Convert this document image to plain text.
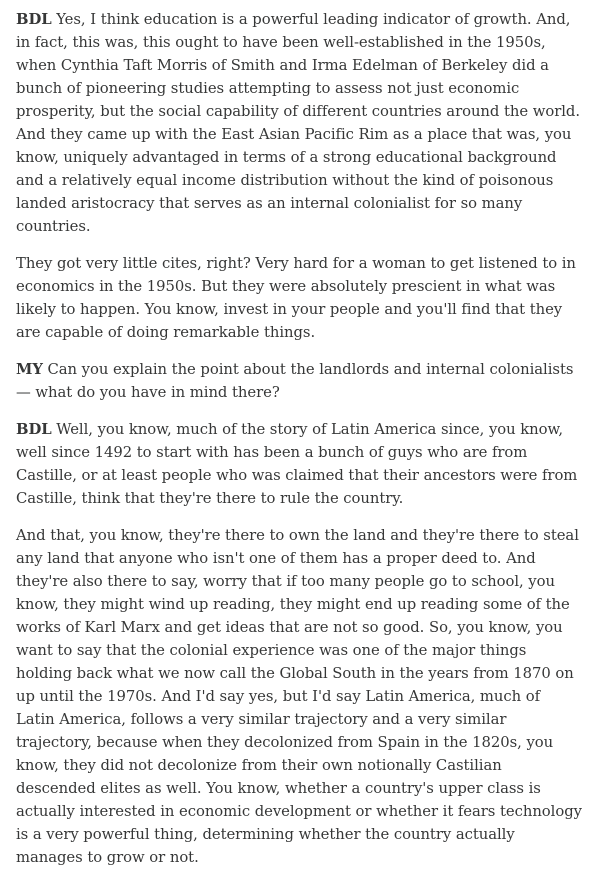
BDL Yes, I think education is a powerful leading indicator of growth. And, in fact, this was, this ought to have been well-established in the 1950s, when Cynthia Taft Morris of Smith and Irma Edelman of Berkeley did a bunch of pioneering studies attempting to assess not just economic prosperity, but the social capability of different countries around the world. And they came up with the East Asian Pacific Rim as a place that was, you know, uniquely advantaged in terms of a strong educational background and a relatively equal income distribution without the kind of poisonous landed aristocracy that serves as an internal colonialist for so many countries.

They got very little cites, right? Very hard for a woman to get listened to in economics in the 1950s. But they were absolutely prescient in what was likely to happen. You know, invest in your people and you'll find that they are capable of doing remarkable things.

MY Can you explain the point about the landlords and internal colonialists — what do you have in mind there?

BDL Well, you know, much of the story of Latin America since, you know, well since 1492 to start with has been a bunch of guys who are from Castille, or at least people who was claimed that their ancestors were from Castille, think that they're there to rule the country.

And that, you know, they're there to own the land and they're there to steal any land that anyone who isn't one of them has a proper deed to. And they're also there to say, worry that if too many people go to school, you know, they might wind up reading, they might end up reading some of the works of Karl Marx and get ideas that are not so good. So, you know, you want to say that the colonial experience was one of the major things holding back what we now call the Global South in the years from 1870 on up until the 1970s. And I'd say yes, but I'd say Latin America, much of Latin America, follows a very similar trajectory and a very similar trajectory, because when they decolonized from Spain in the 1820s, you know, they did not decolonize from their own notionally Castilian descended elites as well. You know, whether a country's upper class is actually interested in economic development or whether it fears technology is a very powerful thing, determining whether the country actually manages to grow or not.
